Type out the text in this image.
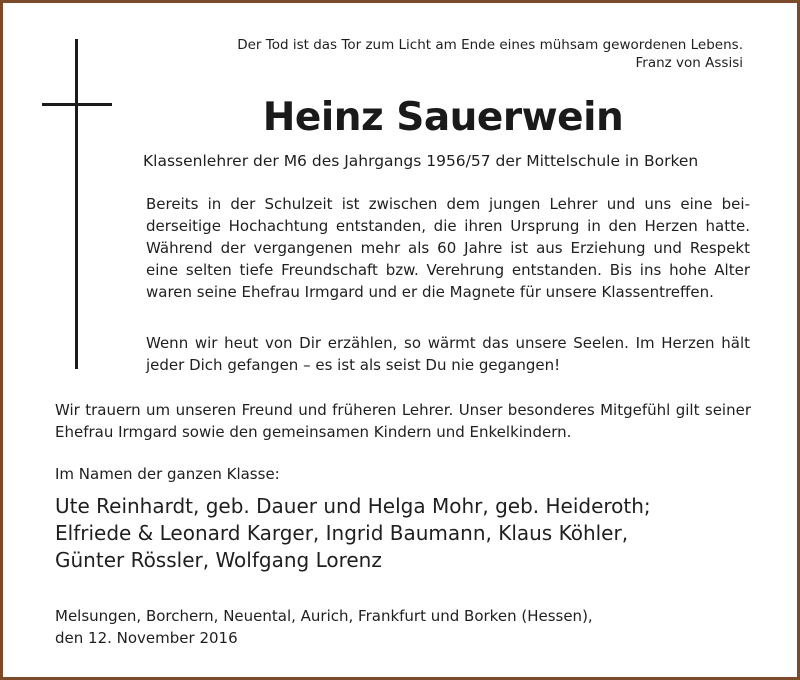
Der Tod ist das Tor zum Licht am Ende eines mühsam gewordenen Lebens.
Franz von Assisi
Heinz Sauerwein
Klassenlehrer der M6 des Jahrgangs 1956/57 der Mittelschule in Borken
Bereits in der Schulzeit ist zwischen dem jungen Lehrer und uns eine beiderseitige Hochachtung entstanden, die ihren Ursprung in den Herzen hatte. Während der vergangenen mehr als 60 Jahre ist aus Erziehung und Respekt eine selten tiefe Freundschaft bzw. Verehrung entstanden. Bis ins hohe Alter waren seine Ehefrau Irmgard und er die Magnete für unsere Klassentreffen.
Wenn wir heut von Dir erzählen, so wärmt das unsere Seelen. Im Herzen hält jeder Dich gefangen – es ist als seist Du nie gegangen!
Wir trauern um unseren Freund und früheren Lehrer. Unser besonderes Mitgefühl gilt seiner Ehefrau Irmgard sowie den gemeinsamen Kindern und Enkelkindern.
Im Namen der ganzen Klasse:
Ute Reinhardt, geb. Dauer und Helga Mohr, geb. Heideroth;
Elfriede & Leonard Karger, Ingrid Baumann, Klaus Köhler,
Günter Rössler, Wolfgang Lorenz
Melsungen, Borchern, Neuental, Aurich, Frankfurt und Borken (Hessen),
den 12. November 2016
